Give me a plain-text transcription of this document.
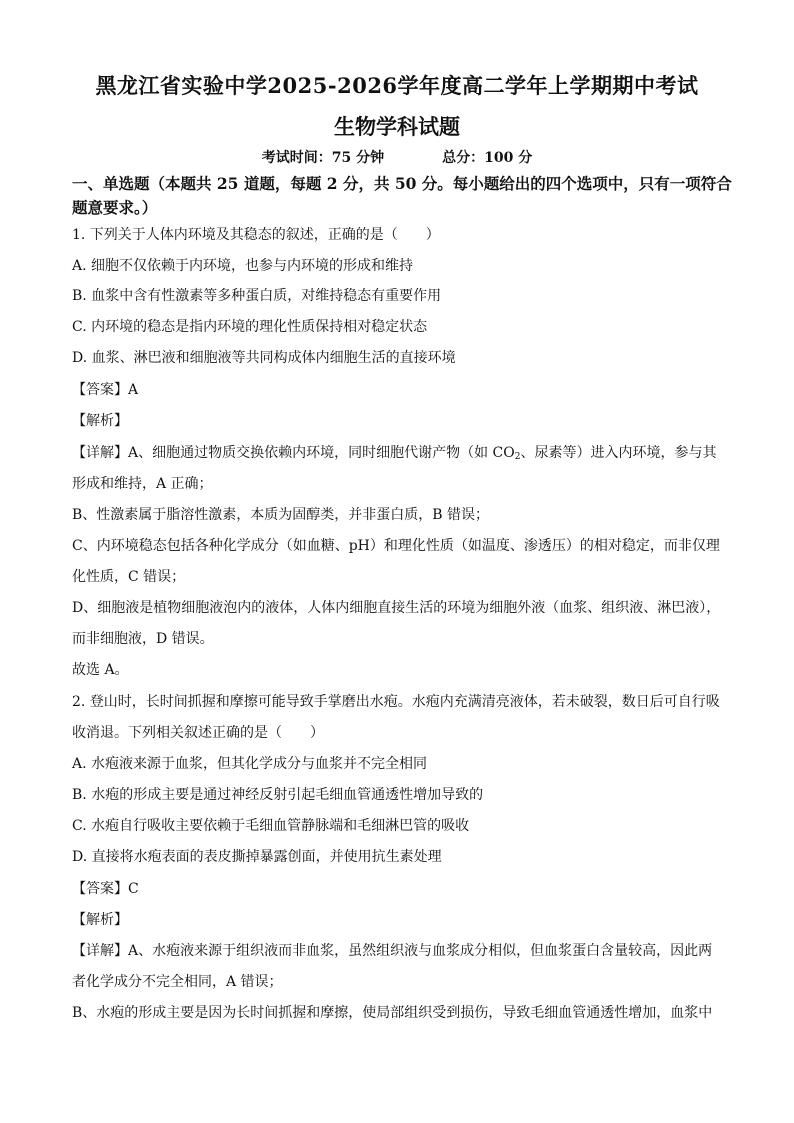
黑龙江省实验中学2025-2026学年度高二学年上学期期中考试
生物学科试题
考试时间：75 分钟	总分：100 分
一、单选题（本题共 25 道题，每题 2 分，共 50 分。每小题给出的四个选项中，只有一项符合题意要求。）
1. 下列关于人体内环境及其稳态的叙述，正确的是（　　）
A. 细胞不仅依赖于内环境，也参与内环境的形成和维持
B. 血浆中含有性激素等多种蛋白质，对维持稳态有重要作用
C. 内环境的稳态是指内环境的理化性质保持相对稳定状态
D. 血浆、淋巴液和细胞液等共同构成体内细胞生活的直接环境
【答案】A
【解析】
【详解】A、细胞通过物质交换依赖内环境，同时细胞代谢产物（如 $CO_2$、尿素等）进入内环境，参与其
形成和维持，A 正确；
B、性激素属于脂溶性激素，本质为固醇类，并非蛋白质，B 错误；
C、内环境稳态包括各种化学成分（如血糖、pH）和理化性质（如温度、渗透压）的相对稳定，而非仅理
化性质，C 错误；
D、细胞液是植物细胞液泡内的液体，人体内细胞直接生活的环境为细胞外液（血浆、组织液、淋巴液），
而非细胞液，D 错误。
故选 A。
2. 登山时，长时间抓握和摩擦可能导致手掌磨出水疱。水疱内充满清亮液体，若未破裂，数日后可自行吸
收消退。下列相关叙述正确的是（　　）
A. 水疱液来源于血浆，但其化学成分与血浆并不完全相同
B. 水疱的形成主要是通过神经反射引起毛细血管通透性增加导致的
C. 水疱自行吸收主要依赖于毛细血管静脉端和毛细淋巴管的吸收
D. 直接将水疱表面的表皮撕掉暴露创面，并使用抗生素处理
【答案】C
【解析】
【详解】A、水疱液来源于组织液而非血浆，虽然组织液与血浆成分相似，但血浆蛋白含量较高，因此两
者化学成分不完全相同，A 错误；
B、水疱的形成主要是因为长时间抓握和摩擦，使局部组织受到损伤，导致毛细血管通透性增加，血浆中
